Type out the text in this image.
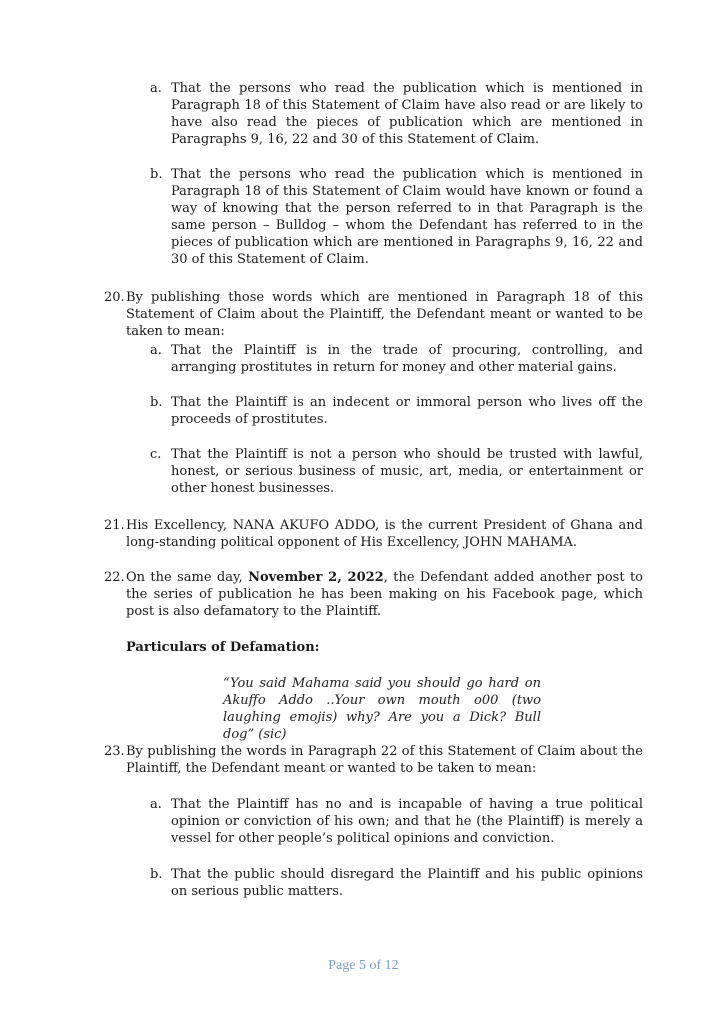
a. That the persons who read the publication which is mentioned in Paragraph 18 of this Statement of Claim have also read or are likely to have also read the pieces of publication which are mentioned in Paragraphs 9, 16, 22 and 30 of this Statement of Claim.
b. That the persons who read the publication which is mentioned in Paragraph 18 of this Statement of Claim would have known or found a way of knowing that the person referred to in that Paragraph is the same person – Bulldog – whom the Defendant has referred to in the pieces of publication which are mentioned in Paragraphs 9, 16, 22 and 30 of this Statement of Claim.
20. By publishing those words which are mentioned in Paragraph 18 of this Statement of Claim about the Plaintiff, the Defendant meant or wanted to be taken to mean:
a. That the Plaintiff is in the trade of procuring, controlling, and arranging prostitutes in return for money and other material gains.
b. That the Plaintiff is an indecent or immoral person who lives off the proceeds of prostitutes.
c. That the Plaintiff is not a person who should be trusted with lawful, honest, or serious business of music, art, media, or entertainment or other honest businesses.
21. His Excellency, NANA AKUFO ADDO, is the current President of Ghana and long-standing political opponent of His Excellency, JOHN MAHAMA.
22. On the same day, November 2, 2022, the Defendant added another post to the series of publication he has been making on his Facebook page, which post is also defamatory to the Plaintiff.
Particulars of Defamation:
“You said Mahama said you should go hard on Akuffo Addo ..Your own mouth o00 (two laughing emojis) why? Are you a Dick? Bull dog” (sic)
23. By publishing the words in Paragraph 22 of this Statement of Claim about the Plaintiff, the Defendant meant or wanted to be taken to mean:
a. That the Plaintiff has no and is incapable of having a true political opinion or conviction of his own; and that he (the Plaintiff) is merely a vessel for other people’s political opinions and conviction.
b. That the public should disregard the Plaintiff and his public opinions on serious public matters.
Page 5 of 12
